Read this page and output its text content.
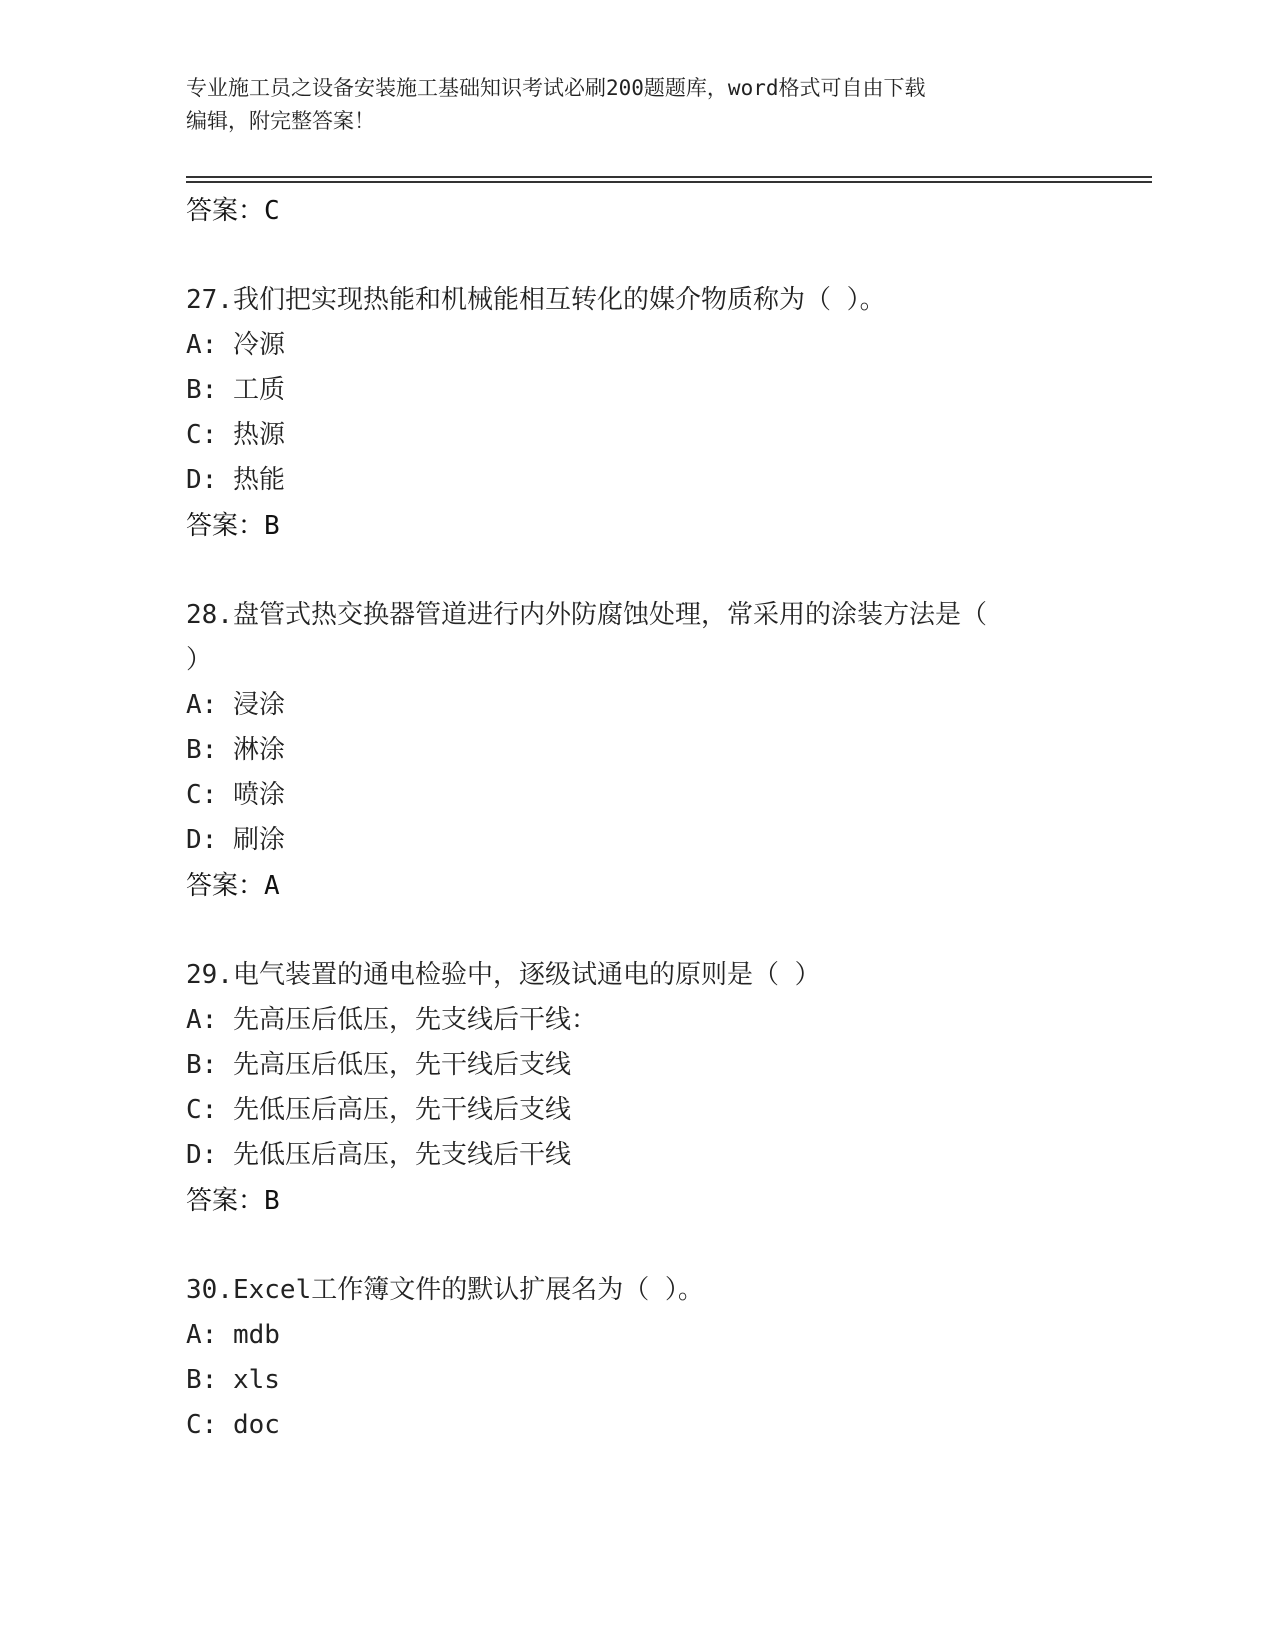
专业施工员之设备安装施工基础知识考试必刷200题题库，word格式可自由下载
编辑，附完整答案！
答案：C
27.我们把实现热能和机械能相互转化的媒介物质称为（ ）。
A: 冷源
B: 工质
C: 热源
D: 热能
答案：B
28.盘管式热交换器管道进行内外防腐蚀处理，常采用的涂装方法是（
）
A: 浸涂
B: 淋涂
C: 喷涂
D: 刷涂
答案：A
29.电气装置的通电检验中，逐级试通电的原则是（ ）
A: 先高压后低压，先支线后干线：
B: 先高压后低压，先干线后支线
C: 先低压后高压，先干线后支线
D: 先低压后高压，先支线后干线
答案：B
30.Excel工作簿文件的默认扩展名为（ ）。
A: mdb
B: xls
C: doc
